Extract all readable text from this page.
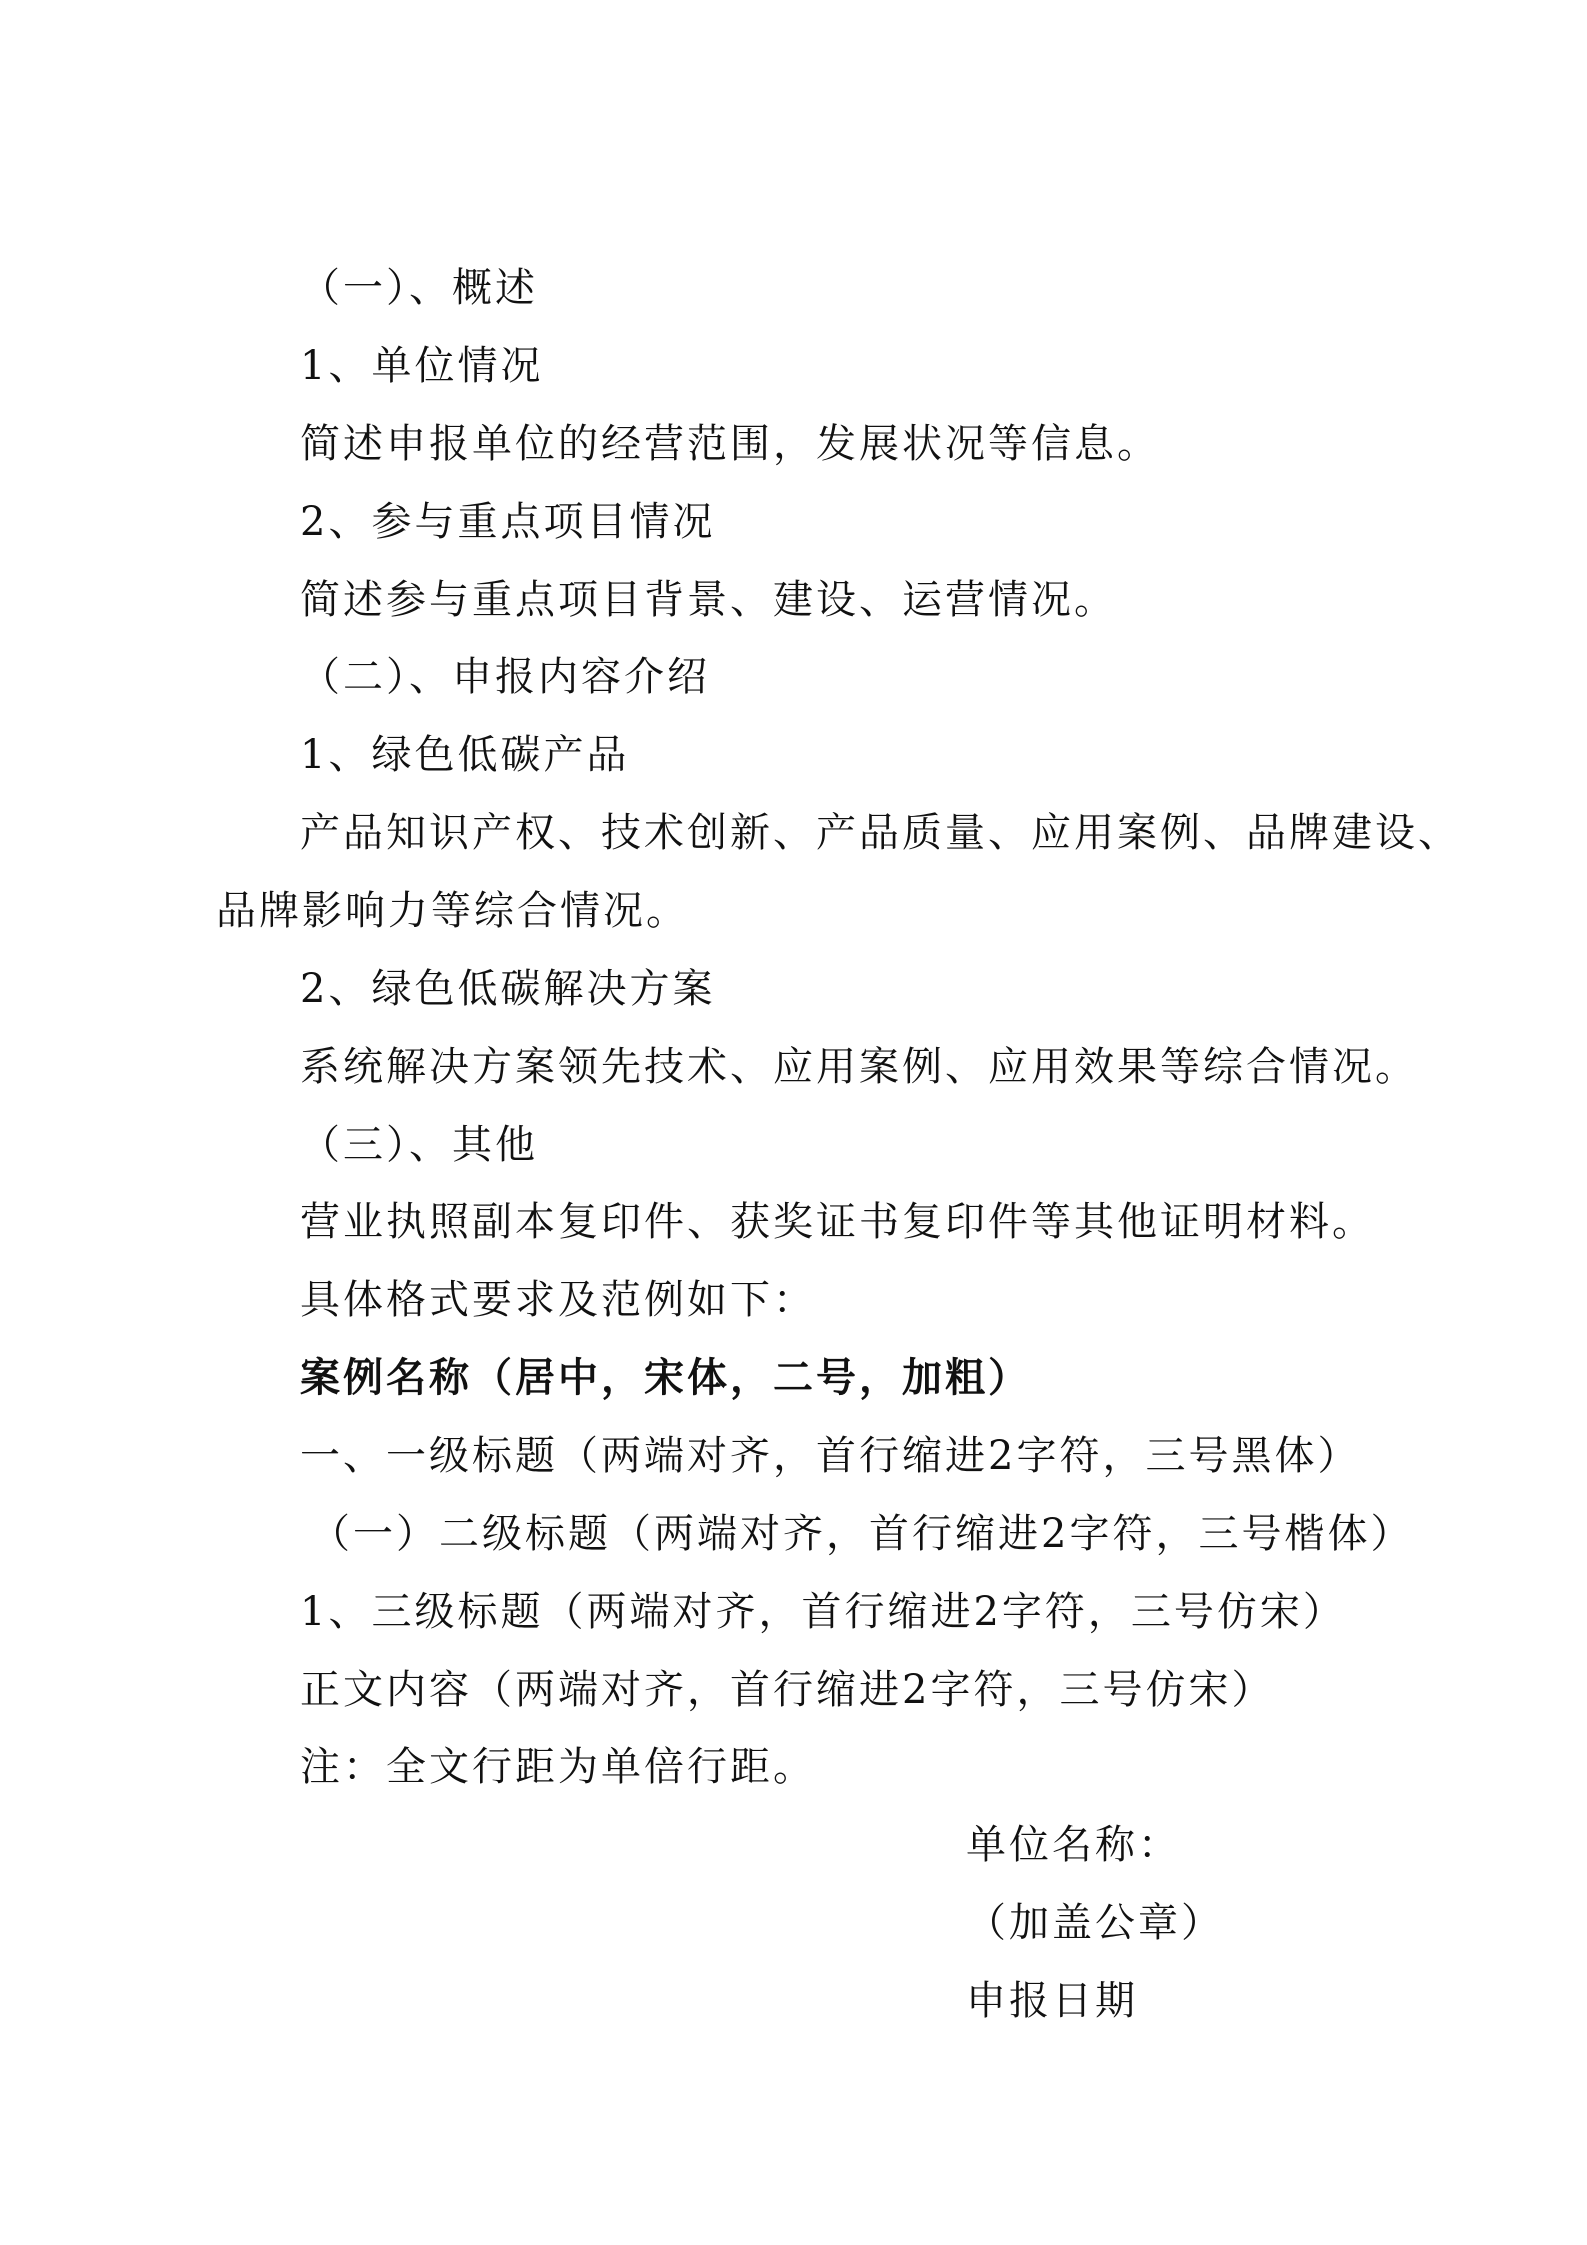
（一）、概述
1、单位情况
简述申报单位的经营范围，发展状况等信息。
2、参与重点项目情况
简述参与重点项目背景、建设、运营情况。
（二）、申报内容介绍
1、绿色低碳产品
产品知识产权、技术创新、产品质量、应用案例、品牌建设、
品牌影响力等综合情况。
2、绿色低碳解决方案
系统解决方案领先技术、应用案例、应用效果等综合情况。
（三）、其他
营业执照副本复印件、获奖证书复印件等其他证明材料。
具体格式要求及范例如下：
案例名称（居中，宋体，二号，加粗）
一、一级标题（两端对齐，首行缩进2字符，三号黑体）
（一）二级标题（两端对齐，首行缩进2字符，三号楷体）
1、三级标题（两端对齐，首行缩进2字符，三号仿宋）
正文内容（两端对齐，首行缩进2字符，三号仿宋）
注：全文行距为单倍行距。
单位名称：
（加盖公章）
申报日期
